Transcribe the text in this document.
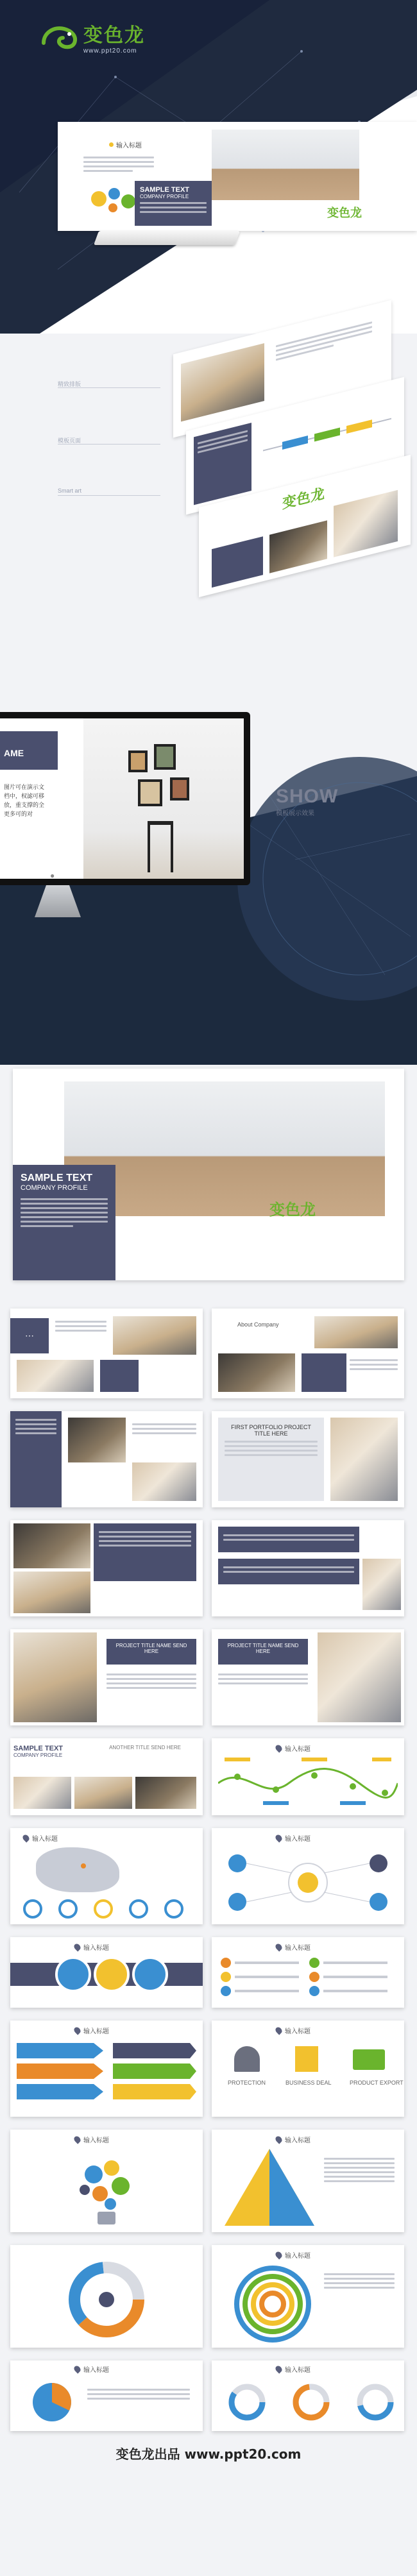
变色龙
www.ppt20.com
输入标题
SAMPLE TEXT
COMPANY PROFILE
变色龙
精致排版
模板页面
Smart art	变色龙
AME
图片可在演示文
档中，权滤可移
放，重支撑的全
更多可的对
●
SHOW
模板展示效果
变色龙
SAMPLE TEXT
COMPANY PROFILE
⋯
About Company
FIRST PORTFOLIO PROJECT TITLE HERE
PROJECT TITLE NAME SEND HERE
PROJECT TITLE NAME SEND HERE
SAMPLE TEXT
COMPANY PROFILE
ANOTHER TITLE SEND HERE	输入标题
输入标题	输入标题
输入标题	输入标题
输入标题	输入标题
PROTECTION	BUSINESS DEAL	PRODUCT EXPORT
输入标题	输入标题
输入标题
输入标题	输入标题
变色龙出品 www.ppt20.com
